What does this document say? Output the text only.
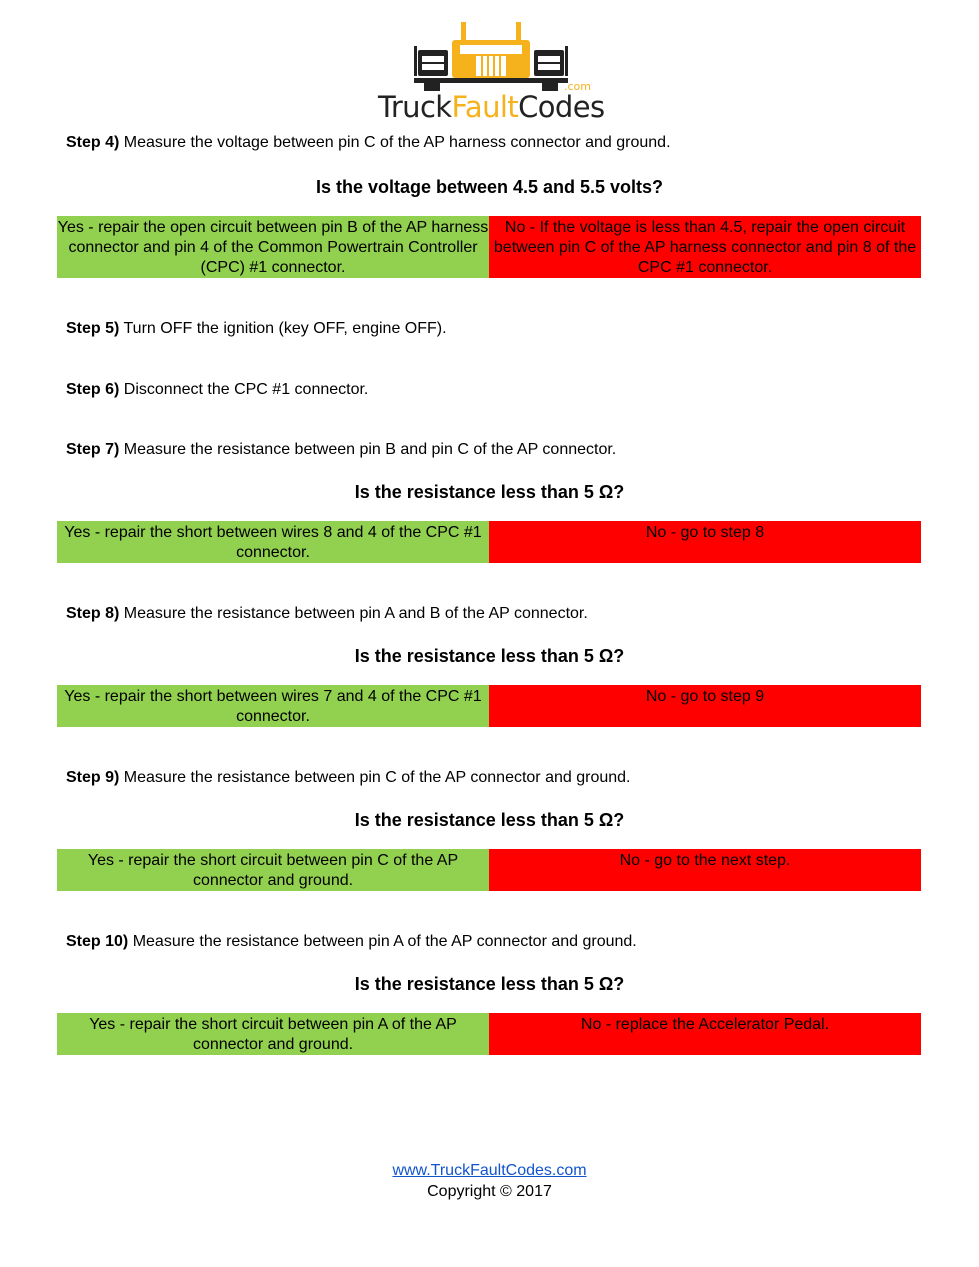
.com
TruckFaultCodes
Step 4) Measure the voltage between pin C of the AP harness connector and ground.
Is the voltage between 4.5 and 5.5 volts?
Yes - repair the open circuit between pin B of the AP harness connector and pin 4 of the Common Powertrain Controller (CPC) #1 connector.
No - If the voltage is less than 4.5, repair the open circuit between pin C of the AP harness connector and pin 8 of the CPC #1 connector.
Step 5) Turn OFF the ignition (key OFF, engine OFF).
Step 6) Disconnect the CPC #1 connector.
Step 7) Measure the resistance between pin B and pin C of the AP connector.
Is the resistance less than 5 Ω?
Yes - repair the short between wires 8 and 4 of the CPC #1 connector.
No - go to step 8
Step 8) Measure the resistance between pin A and B of the AP connector.
Is the resistance less than 5 Ω?
Yes - repair the short between wires 7 and 4 of the CPC #1 connector.
No - go to step 9
Step 9) Measure the resistance between pin C of the AP connector and ground.
Is the resistance less than 5 Ω?
Yes - repair the short circuit between pin C of the AP connector and ground.
No - go to the next step.
Step 10) Measure the resistance between pin A of the AP connector and ground.
Is the resistance less than 5 Ω?
Yes - repair the short circuit between pin A of the AP connector and ground.
No - replace the Accelerator Pedal.
www.TruckFaultCodes.com
Copyright © 2017
